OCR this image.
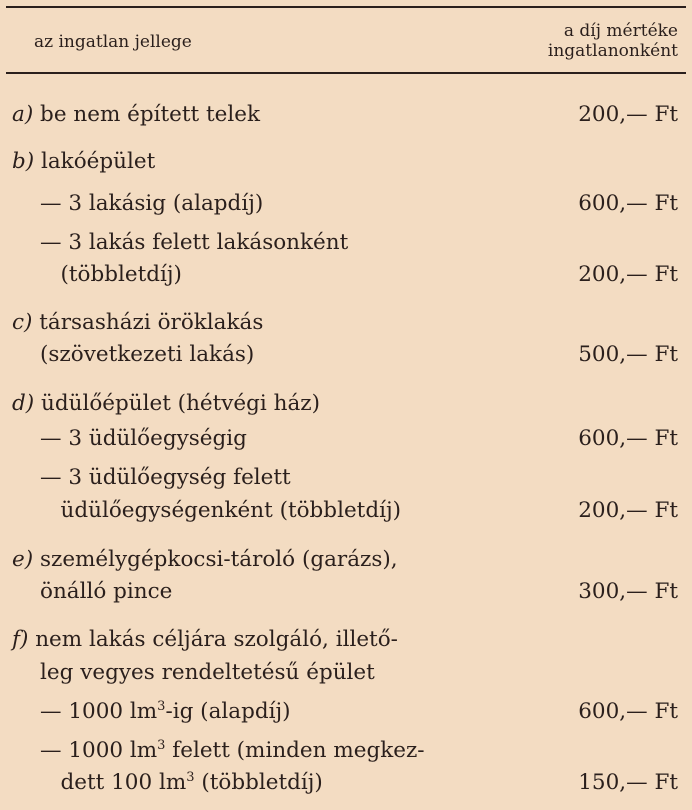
az ingatlan jellege
a díj mértéke
ingatlanonként
a) be nem épített telek	200,— Ft
b) lakóépület
— 3 lakásig (alapdíj)	600,— Ft
— 3 lakás felett lakásonként
(többletdíj)	200,— Ft
c) társasházi öröklakás
(szövetkezeti lakás)	500,— Ft
d) üdülőépület (hétvégi ház)
— 3 üdülőegységig	600,— Ft
— 3 üdülőegység felett
üdülőegységenként (többletdíj)	200,— Ft
e) személygépkocsi-tároló (garázs),
önálló pince	300,— Ft
f) nem lakás céljára szolgáló, illető-
leg vegyes rendeltetésű épület
— 1000 $lm^3-ig$ (alapdíj)	600,— Ft
— 1000 $lm^3$ felett (minden megkez-
dett 100 $lm^3$ (többletdíj)	150,— Ft
